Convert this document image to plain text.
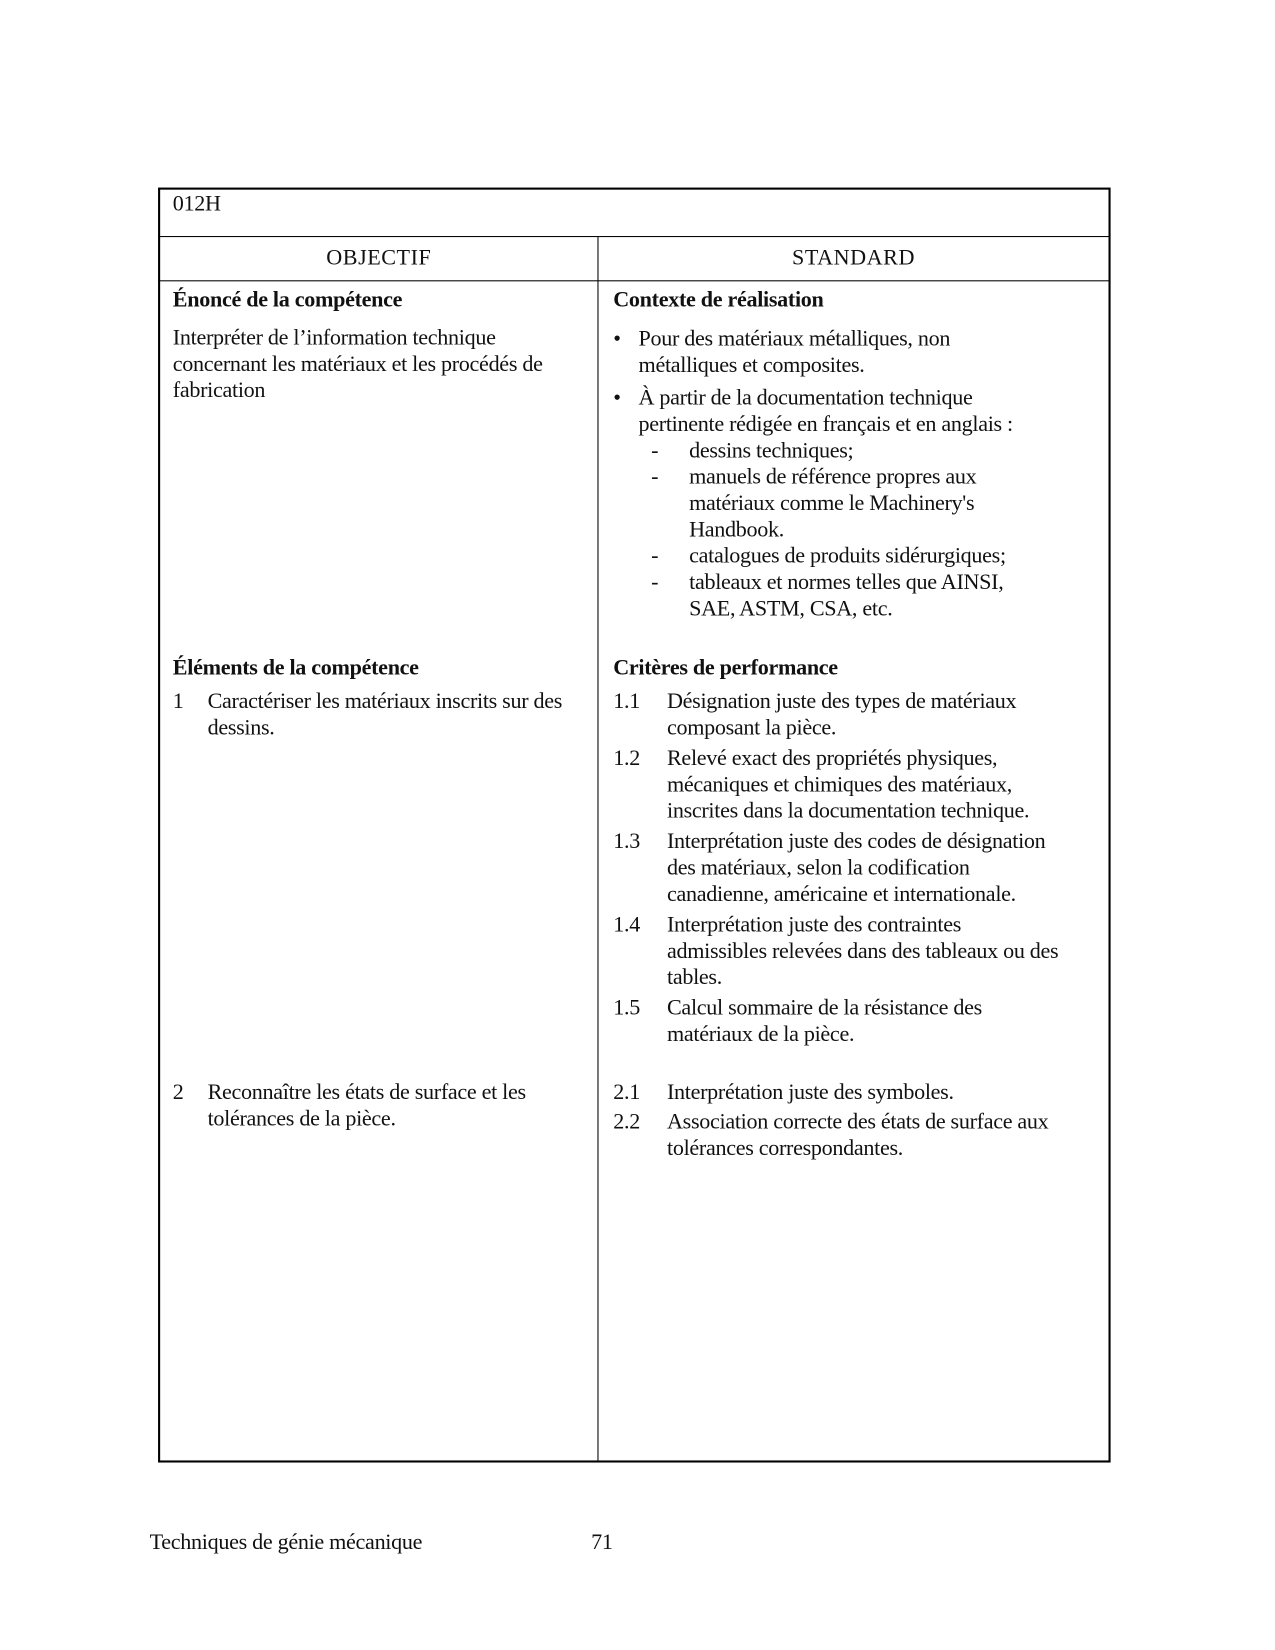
012H
OBJECTIF	STANDARD
Énoncé de la compétence
Interpréter de l’information technique
concernant les matériaux et les procédés de
fabrication
Contexte de réalisation
• Pour des matériaux métalliques, non
métalliques et composites.
• À partir de la documentation technique
pertinente rédigée en français et en anglais :
- dessins techniques;
- manuels de référence propres aux
matériaux comme le Machinery's
Handbook.
- catalogues de produits sidérurgiques;
- tableaux et normes telles que AINSI,
SAE, ASTM, CSA, etc.
Éléments de la compétence
1 Caractériser les matériaux inscrits sur des
dessins.
2 Reconnaître les états de surface et les
tolérances de la pièce.
Critères de performance
1.1 Désignation juste des types de matériaux
composant la pièce.
1.2 Relevé exact des propriétés physiques,
mécaniques et chimiques des matériaux,
inscrites dans la documentation technique.
1.3 Interprétation juste des codes de désignation
des matériaux, selon la codification
canadienne, américaine et internationale.
1.4 Interprétation juste des contraintes
admissibles relevées dans des tableaux ou des
tables.
1.5 Calcul sommaire de la résistance des
matériaux de la pièce.
2.1 Interprétation juste des symboles.
2.2 Association correcte des états de surface aux
tolérances correspondantes.
Techniques de génie mécanique	71
